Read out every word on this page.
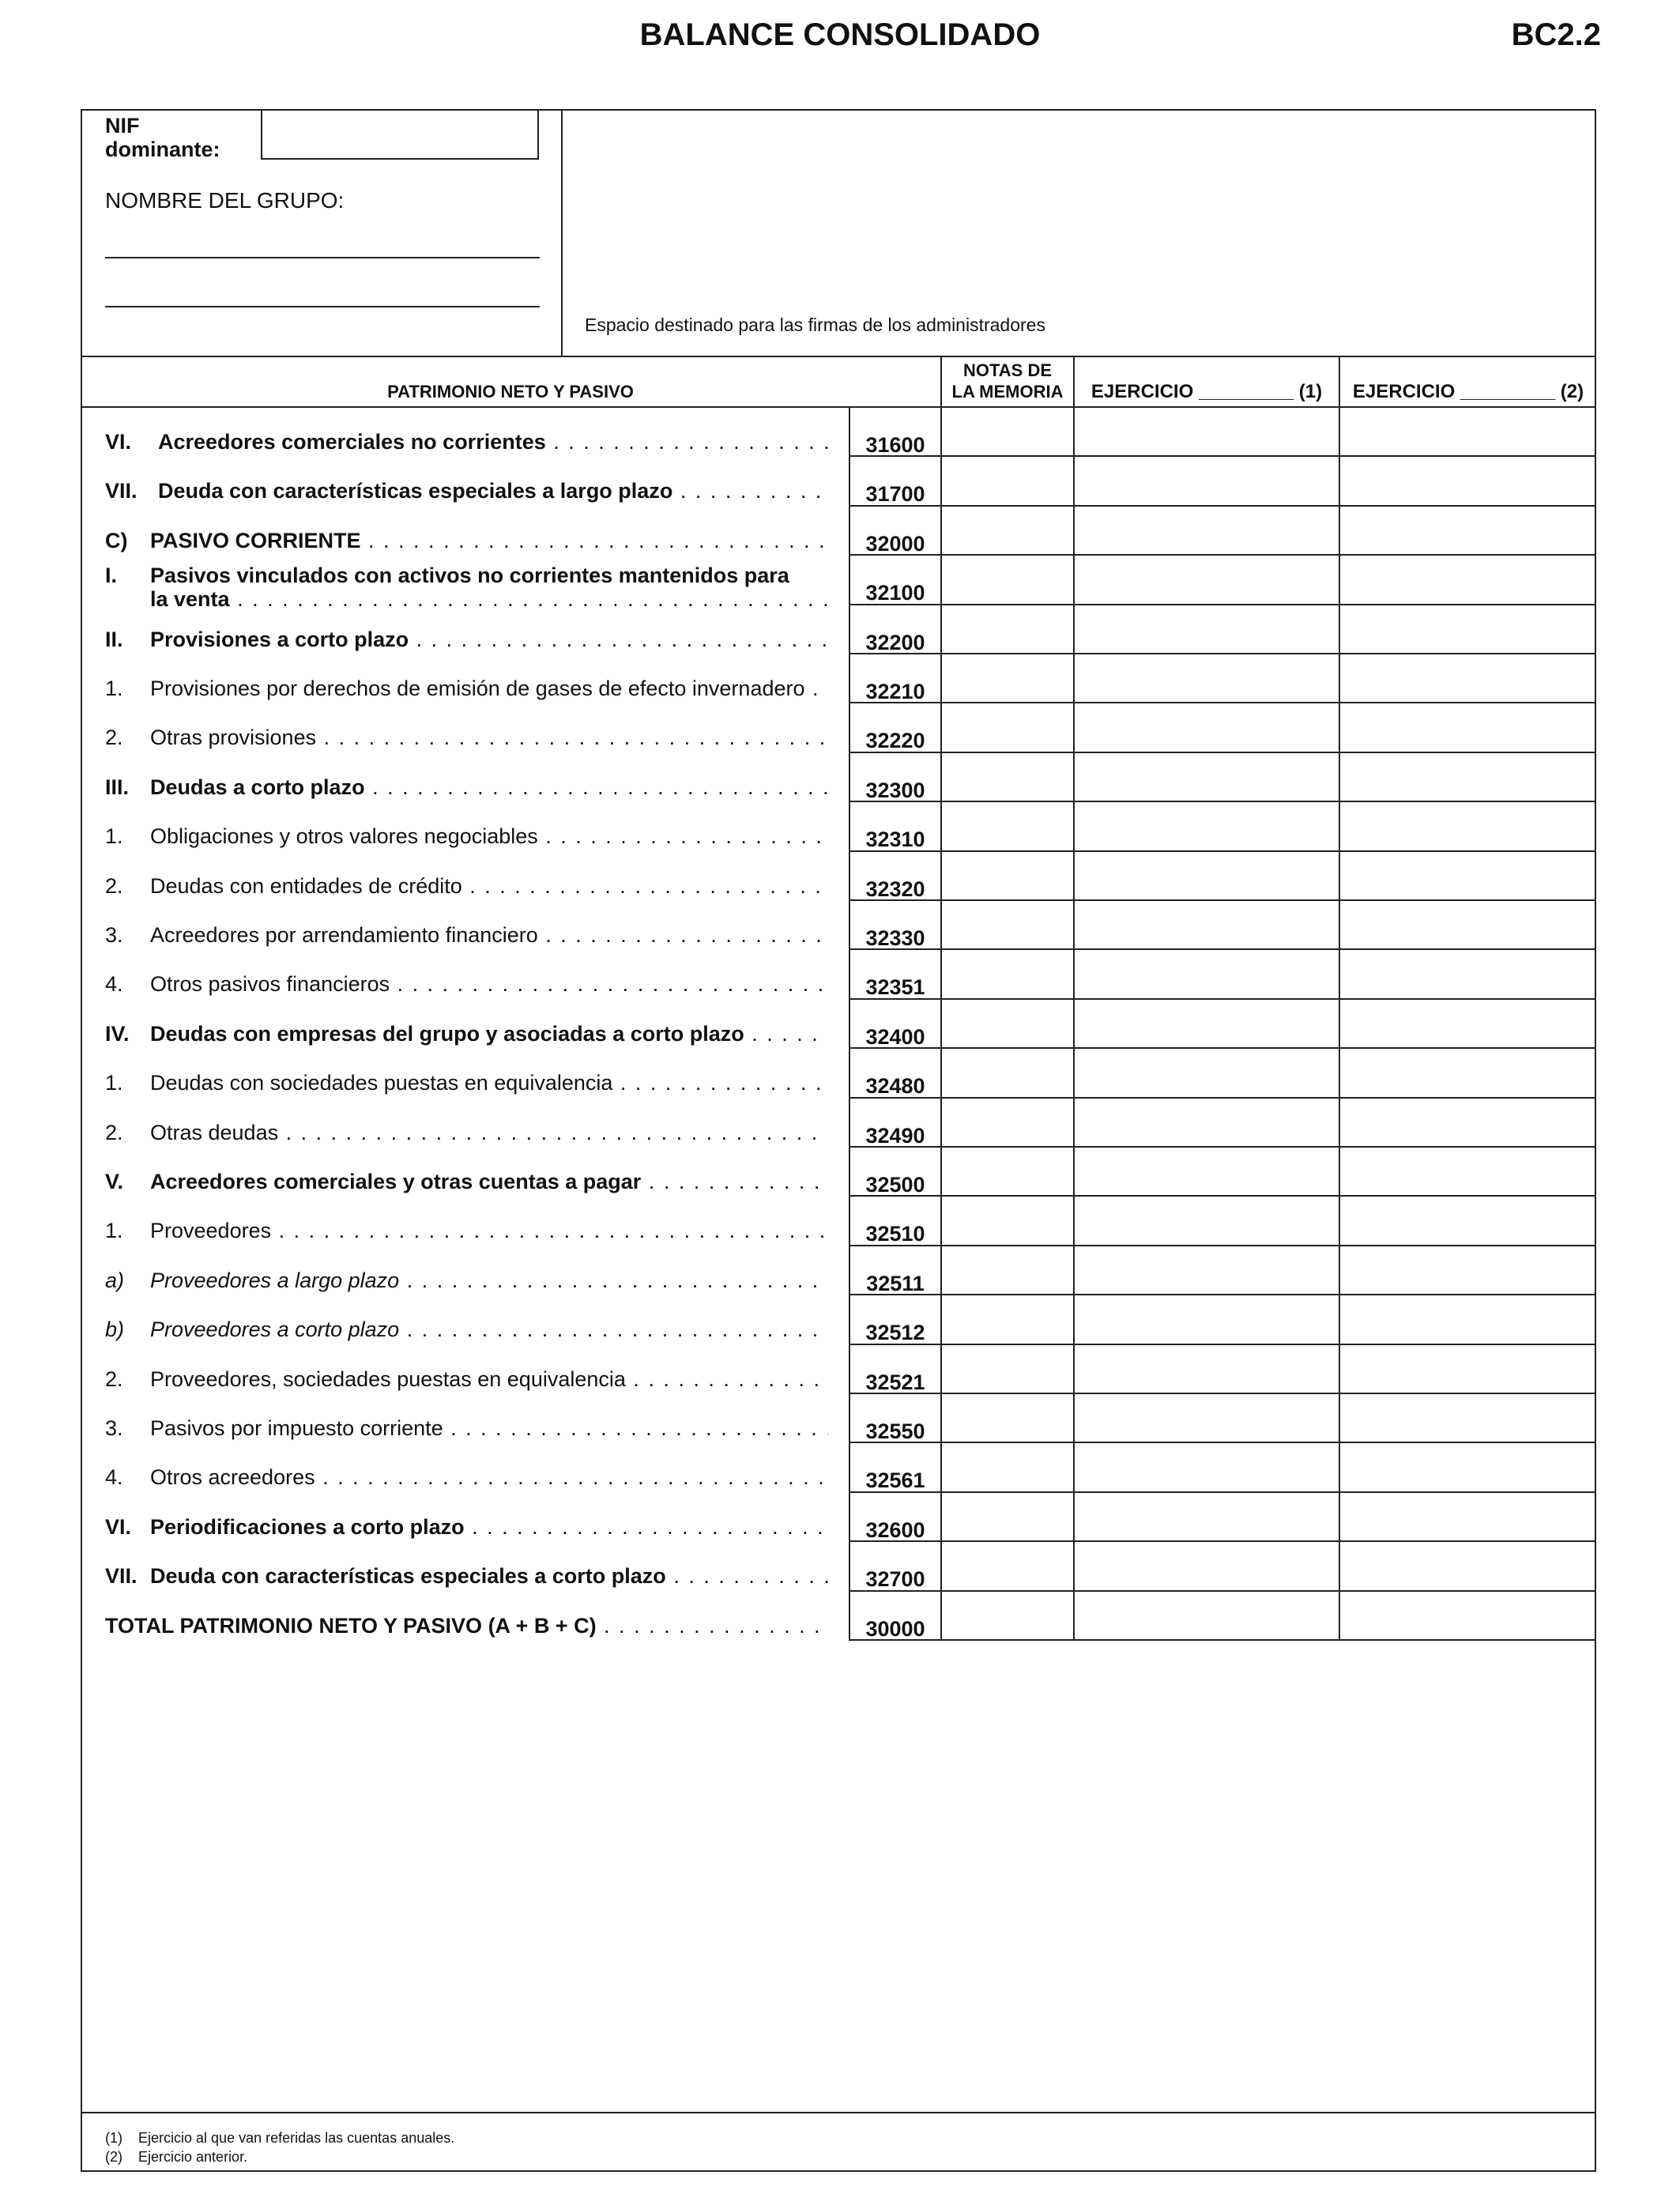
BALANCE CONSOLIDADO	BC2.2
NIF
dominante:
NOMBRE DEL GRUPO:
Espacio destinado para las firmas de los administradores
PATRIMONIO NETO Y PASIVO
NOTAS DE
LA MEMORIA	EJERCICIO _________ (1)	EJERCICIO _________ (2)
VI. Acreedores comerciales no corrientes . . .	31600
VII. Deuda con características especiales a largo plazo . . .	31700
C) PASIVO CORRIENTE . . .	32000
I. Pasivos vinculados con activos no corrientes mantenidos para
la venta . . .	32100
II. Provisiones a corto plazo . . .	32200
1. Provisiones por derechos de emisión de gases de efecto invernadero . . .	32210
2. Otras provisiones . . .	32220
III. Deudas a corto plazo . . .	32300
1. Obligaciones y otros valores negociables . . .	32310
2. Deudas con entidades de crédito . . .	32320
3. Acreedores por arrendamiento financiero . . .	32330
4. Otros pasivos financieros . . .	32351
IV. Deudas con empresas del grupo y asociadas a corto plazo . . .	32400
1. Deudas con sociedades puestas en equivalencia . . .	32480
2. Otras deudas . . .	32490
V. Acreedores comerciales y otras cuentas a pagar . . .	32500
1. Proveedores . . .	32510
a) Proveedores a largo plazo . . .	32511
b) Proveedores a corto plazo . . .	32512
2. Proveedores, sociedades puestas en equivalencia . . .	32521
3. Pasivos por impuesto corriente . . .	32550
4. Otros acreedores . . .	32561
VI. Periodificaciones a corto plazo . . .	32600
VII. Deuda con características especiales a corto plazo . . .	32700
TOTAL PATRIMONIO NETO Y PASIVO (A + B + C) . . .	30000
(1) Ejercicio al que van referidas las cuentas anuales.
(2) Ejercicio anterior.
